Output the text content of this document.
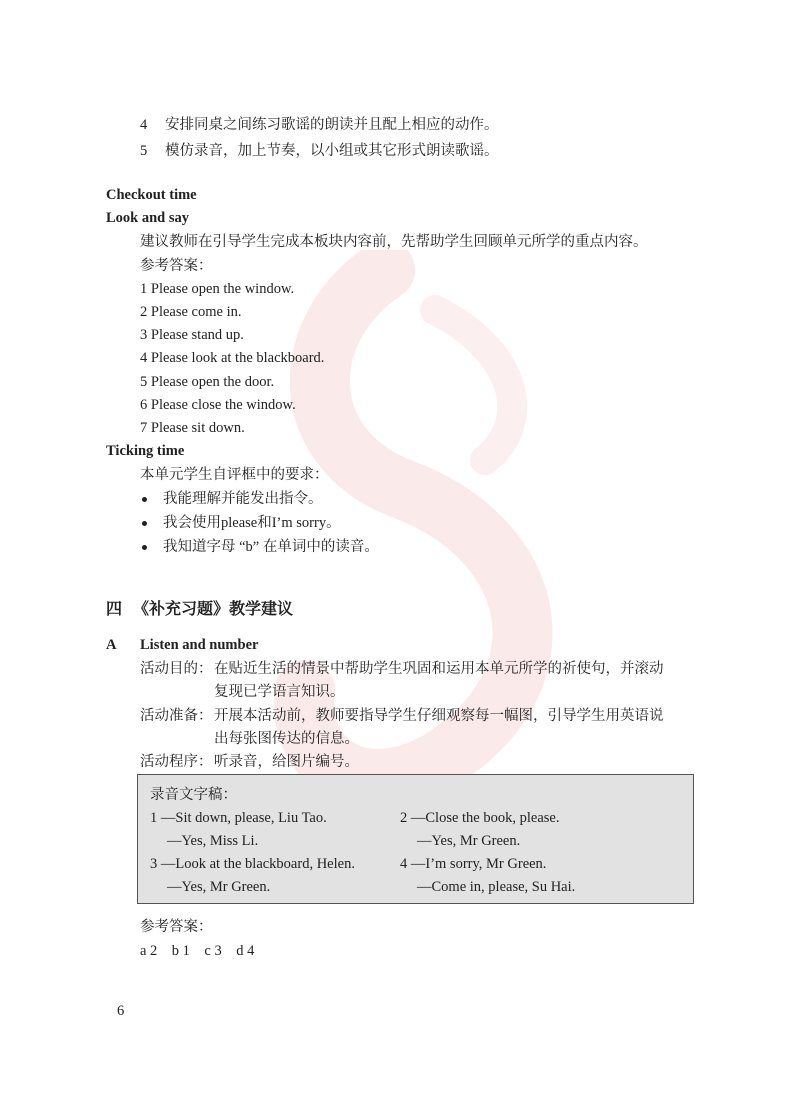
4 安排同桌之间练习歌谣的朗读并且配上相应的动作。
5 模仿录音，加上节奏，以小组或其它形式朗读歌谣。
Checkout time
Look and say
建议教师在引导学生完成本板块内容前，先帮助学生回顾单元所学的重点内容。
参考答案：
1 Please open the window.
2 Please come in.
3 Please stand up.
4 Please look at the blackboard.
5 Please open the door.
6 Please close the window.
7 Please sit down.
Ticking time
本单元学生自评框中的要求：
我能理解并能发出指令。
我会使用please和I’m sorry。
我知道字母 “b” 在单词中的读音。
四 《补充习题》教学建议
A Listen and number
活动目的： 在贴近生活的情景中帮助学生巩固和运用本单元所学的祈使句，并滚动
复现已学语言知识。
活动准备： 开展本活动前，教师要指导学生仔细观察每一幅图，引导学生用英语说
出每张图传达的信息。
活动程序： 听录音，给图片编号。
录音文字稿：
1 —Sit down, please, Liu Tao.
—Yes, Miss Li.
2 —Close the book, please.
—Yes, Mr Green.
3 —Look at the blackboard, Helen.
—Yes, Mr Green.
4 —I’m sorry, Mr Green.
—Come in, please, Su Hai.
参考答案：
a 2    b 1    c 3    d 4
6
